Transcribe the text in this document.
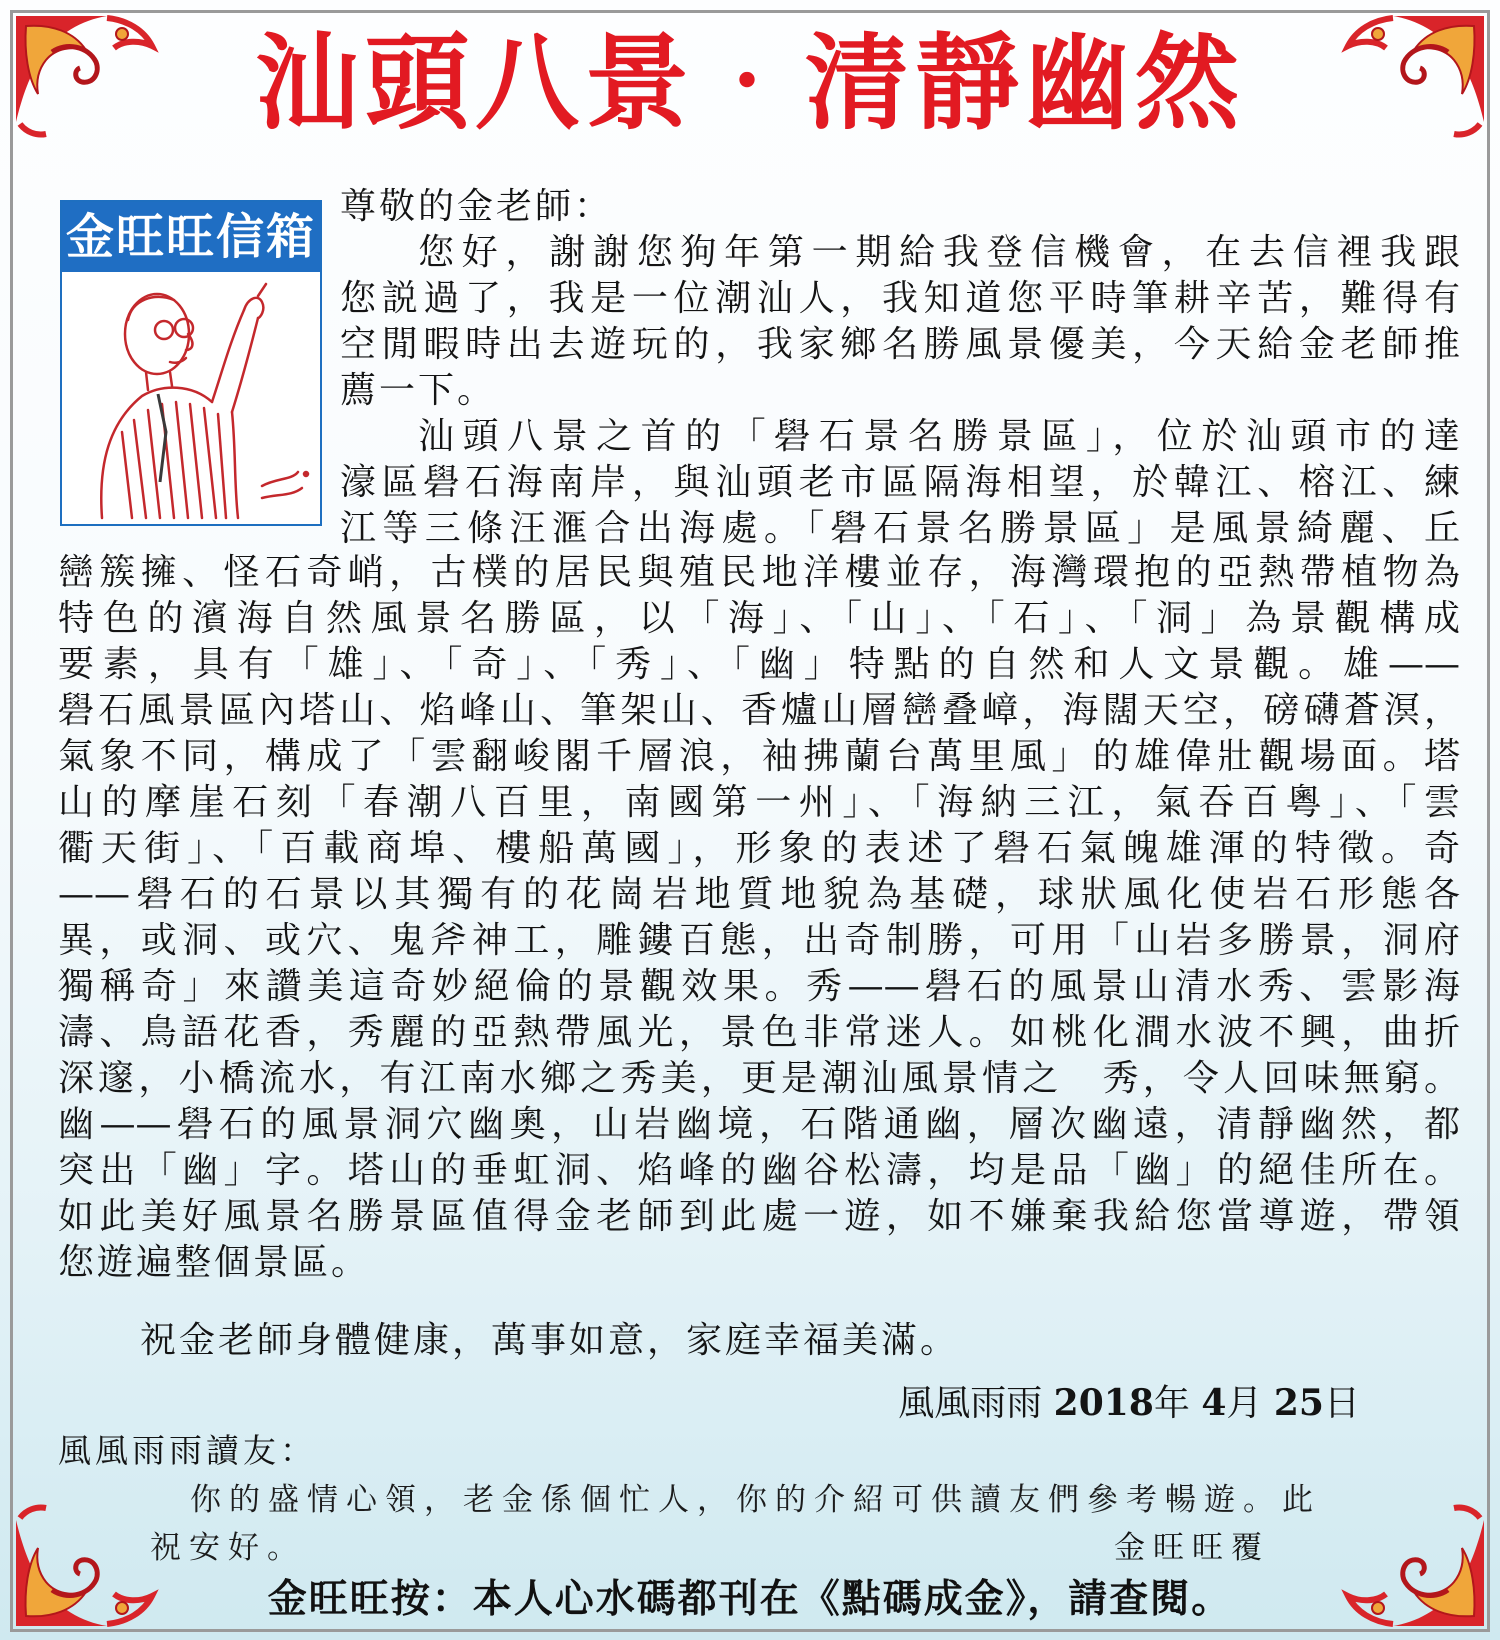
汕頭八景‧清靜幽然
金旺旺信箱
尊敬的金老師：
您好，謝謝您狗年第一期給我登信機會，在去信裡我跟
您説過了，我是一位潮汕人，我知道您平時筆耕辛苦，難得有
空閒暇時出去遊玩的，我家鄉名勝風景優美，今天給金老師推
薦一下。
汕頭八景之首的「礐石景名勝景區」，位於汕頭市的達
濠區礐石海南岸，與汕頭老市區隔海相望，於韓江、榕江、練
江等三條汪滙合出海處。「礐石景名勝景區」是風景綺麗、丘
巒簇擁、怪石奇峭，古樸的居民與殖民地洋樓並存，海灣環抱的亞熱帶植物為
特色的濱海自然風景名勝區，以「海」、「山」、「石」、「洞」為景觀構成
要素，具有「雄」、「奇」、「秀」、「幽」特點的自然和人文景觀。雄——
礐石風景區內塔山、焰峰山、筆架山、香爐山層巒叠嶂，海闊天空，磅礴蒼溟，
氣象不同，構成了「雲翻峻閣千層浪，袖拂蘭台萬里風」的雄偉壯觀場面。塔
山的摩崖石刻「春潮八百里，南國第一州」、「海納三江，氣吞百粵」、「雲
衢天街」、「百載商埠、樓船萬國」，形象的表述了礐石氣魄雄渾的特徵。奇
——礐石的石景以其獨有的花崗岩地質地貌為基礎，球狀風化使岩石形態各
異，或洞、或穴、鬼斧神工，雕鏤百態，出奇制勝，可用「山岩多勝景，洞府
獨稱奇」來讚美這奇妙絕倫的景觀效果。秀——礐石的風景山清水秀、雲影海
濤、鳥語花香，秀麗的亞熱帶風光，景色非常迷人。如桃化澗水波不興，曲折
深邃，小橋流水，有江南水鄉之秀美，更是潮汕風景情之　秀，令人回味無窮。
幽——礐石的風景洞穴幽奧，山岩幽境，石階通幽，層次幽遠，清靜幽然，都
突出「幽」字。塔山的垂虹洞、焰峰的幽谷松濤，均是品「幽」的絕佳所在。
如此美好風景名勝景區值得金老師到此處一遊，如不嫌棄我給您當導遊，帶領
您遊遍整個景區。
祝金老師身體健康，萬事如意，家庭幸福美滿。
風風雨雨 2018年 4月 25日
風風雨雨讀友：
你的盛情心領，老金係個忙人，你的介紹可供讀友們參考暢遊。此
祝安好。	金旺旺覆
金旺旺按：本人心水碼都刊在《點碼成金》，請查閱。
